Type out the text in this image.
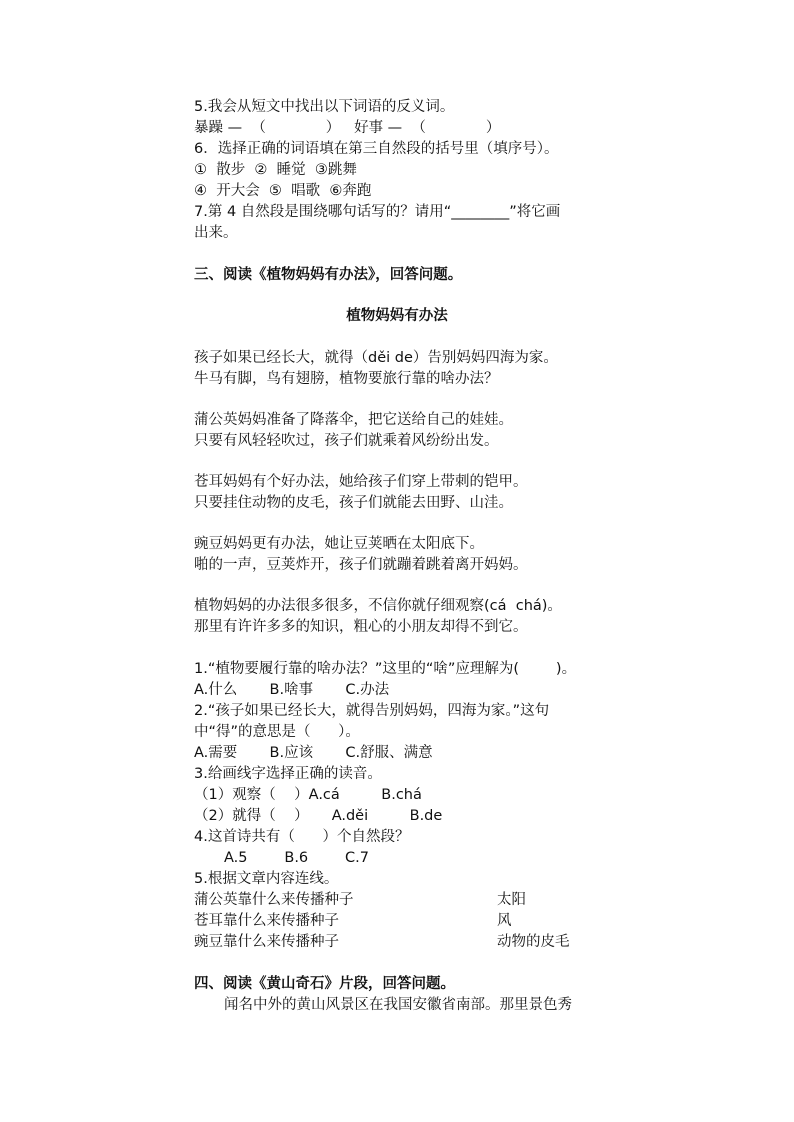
5.我会从短文中找出以下词语的反义词。
暴躁 —  （             ）   好事 —  （             ）
6．选择正确的词语填在第三自然段的括号里（填序号）。
①  散步  ②  睡觉  ③跳舞
④  开大会  ⑤  唱歌  ⑥奔跑
7.第 4 自然段是围绕哪句话写的？请用“________”将它画
出来。
三、阅读《植物妈妈有办法》，回答问题。
植物妈妈有办法
孩子如果已经长大，就得（děi de）告别妈妈四海为家。
牛马有脚，鸟有翅膀，植物要旅行靠的啥办法？
蒲公英妈妈准备了降落伞，把它送给自己的娃娃。
只要有风轻轻吹过，孩子们就乘着风纷纷出发。
苍耳妈妈有个好办法，她给孩子们穿上带刺的铠甲。
只要挂住动物的皮毛，孩子们就能去田野、山洼。
豌豆妈妈更有办法，她让豆荚晒在太阳底下。
啪的一声，豆荚炸开，孩子们就蹦着跳着离开妈妈。
植物妈妈的办法很多很多，不信你就仔细观察(cá  chá)。
那里有许许多多的知识，粗心的小朋友却得不到它。
1.“植物要履行靠的啥办法？”这里的“啥”应理解为(        )。
A.什么       B.啥事       C.办法
2.“孩子如果已经长大，就得告别妈妈，四海为家。”这句
中“得”的意思是（      ）。
A.需要       B.应该       C.舒服、满意
3.给画线字选择正确的读音。
（1）观察（    ）A.cá         B.chá
（2）就得（    ）     A.děi         B.de
4.这首诗共有（      ）个自然段？
A.5        B.6        C.7
5.根据文章内容连线。
蒲公英靠什么来传播种子
苍耳靠什么来传播种子
豌豆靠什么来传播种子
太阳
风
动物的皮毛
四、阅读《黄山奇石》片段，回答问题。
闻名中外的黄山风景区在我国安徽省南部。那里景色秀
